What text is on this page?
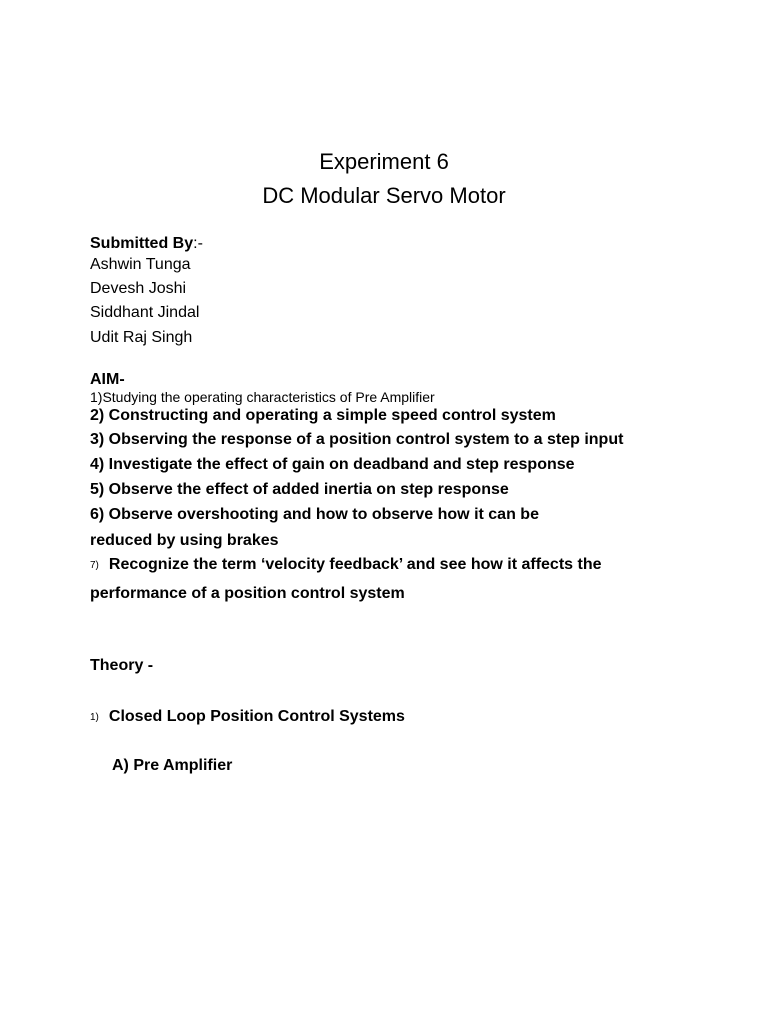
Experiment 6
DC Modular Servo Motor
Submitted By:-
Ashwin Tunga
Devesh Joshi
Siddhant Jindal
Udit Raj Singh
AIM-
1)Studying the operating characteristics of Pre Amplifier
2) Constructing and operating a simple speed control system
3) Observing the response of a position control system to a step input
4) Investigate the effect of gain on deadband and step response
5) Observe the effect of added inertia on step response
6) Observe overshooting and how to observe how it can be
reduced by using brakes
7) Recognize the term ‘velocity feedback’ and see how it affects the
performance of a position control system
Theory -
1) Closed Loop Position Control Systems
A) Pre Amplifier
